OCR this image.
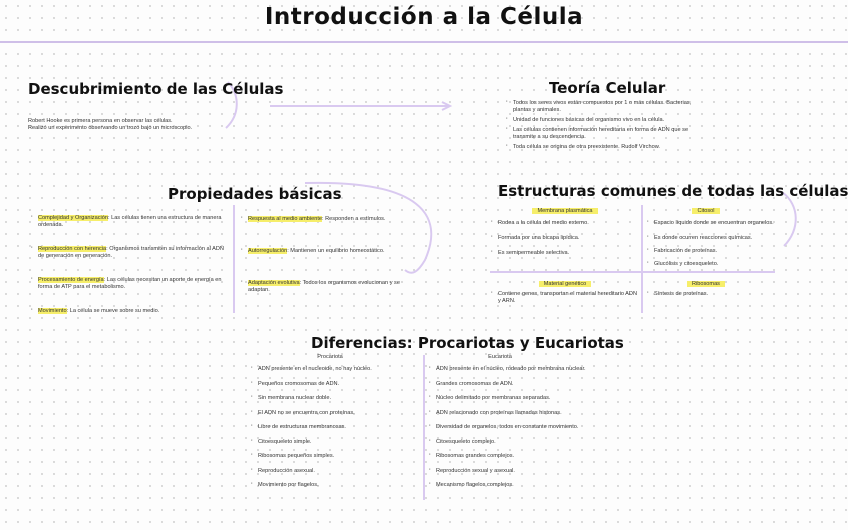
Introducción a la Célula
Descubrimiento de las Células
Robert Hooke es primera persona en observar las células.
Realizó un experimento observando un trozo bajo un microscopio.
Teoría Celular
· Todos los seres vivos están compuestos por 1 o más células. Bacterias, plantas y animales.
· Unidad de funciones básicas del organismo vivo en la célula.
· Las células contienen información hereditaria en forma de ADN que se transmite a su descendencia.
· Toda célula se origina de otra preexistente. Rudolf Virchow.
Propiedades básicas
· Complejidad y Organización: Las células tienen una estructura de manera ordenada.
· Reproducción con herencia: Organismos transmiten su información al ADN de generación en generación.
· Procesamiento de energía: Las células necesitan un aporte de energía en forma de ATP para el metabolismo.
· Movimiento: La célula se mueve sobre su medio.
· Respuesta al medio ambiente: Responden a estímulos.
· Autorregulación: Mantienen un equilibrio homeostático.
· Adaptación evolutiva: Todos los organismos evolucionan y se adaptan.
Estructuras comunes de todas las células
Membrana plasmática
· Rodea a la célula del medio externo.
· Formada por una bicapa lipídica.
· Es semipermeable selectiva.
Citosol
· Espacio líquido donde se encuentran organelos.
· Es donde ocurren reacciones químicas.
· Fabricación de proteínas.
· Glucólisis y citoesqueleto.
Material genético
· Contiene genes, transportan el material hereditario ADN y ARN.
Ribosomas
· Síntesis de proteínas.
Diferencias: Procariotas y Eucariotas
Procariota
· ADN presente en el nucleoide, no hay núcleo.
· Pequeños cromosomas de ADN.
· Sin membrana nuclear doble.
· El ADN no se encuentra con proteínas.
· Libre de estructuras membranosas.
· Citoesqueleto simple.
· Ribosomas pequeños simples.
· Reproducción asexual.
· Movimiento por flagelos.
Eucariota
· ADN presente en el núcleo, rodeado por membrana nuclear.
· Grandes cromosomas de ADN.
· Núcleo delimitado por membranas separadas.
· ADN relacionado con proteínas llamadas histonas.
· Diversidad de organelos, todos en constante movimiento.
· Citoesqueleto complejo.
· Ribosomas grandes complejos.
· Reproducción sexual y asexual.
· Mecanismo flagelos complejos.
